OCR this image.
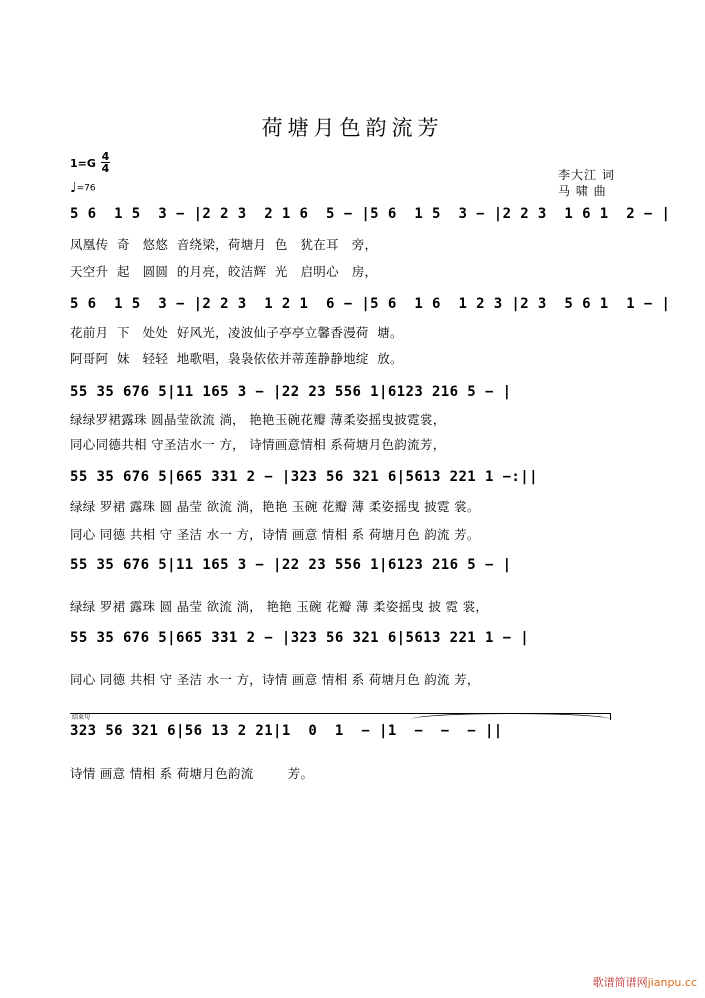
荷塘月色韵流芳
1=G
4
4
♩=76
李大江 词
马 啸 曲
5 6  1 5  3 − |2 2 3  2 1 6  5 − |5 6  1 5  3 − |2 2 3  1 6 1  2 − |
凤凰传  奇   悠悠  音绕梁，荷塘月  色   犹在耳   旁，
天空升  起   圆圆  的月亮，皎洁辉  光   启明心   房，
5 6  1 5  3 − |2 2 3  1 2 1  6 − |5 6  1 6  1 2 3 |2 3  5 6 1  1 − |
花前月  下   处处  好风光，凌波仙子亭亭立馨香漫荷  塘。
阿哥阿  妹   轻轻  地歌唱，袅袅依依并蒂莲静静地绽  放。
55 35 676 5|11 165 3 − |22 23 556 1|6123 216 5 − |
绿绿罗裙露珠 圆晶莹欲流 淌， 艳艳玉碗花瓣 薄柔姿摇曳披霓裳，
同心同德共相 守圣洁水一 方， 诗情画意情相 系荷塘月色韵流芳，
55 35 676 5|665 331 2 − |323 56 321 6|5613 221 1 −:||
绿绿 罗裙 露珠 圆 晶莹 欲流 淌，艳艳 玉碗 花瓣 薄 柔姿摇曳 披霓 裳。
同心 同德 共相 守 圣洁 水一 方，诗情 画意 情相 系 荷塘月色 韵流 芳。
55 35 676 5|11 165 3 − |22 23 556 1|6123 216 5 − |
绿绿 罗裙 露珠 圆 晶莹 欲流 淌， 艳艳 玉碗 花瓣 薄 柔姿摇曳 披 霓 裳，
55 35 676 5|665 331 2 − |323 56 321 6|5613 221 1 − |
同心 同德 共相 守 圣洁 水一 方，诗情 画意 情相 系 荷塘月色 韵流 芳，
结束句
323 56 321 6|56 13 2 21|1  0  1  − |1  −  −  − ||
诗情 画意 情相 系 荷塘月色韵流        芳。
歌谱简谱网jianpu.cc
